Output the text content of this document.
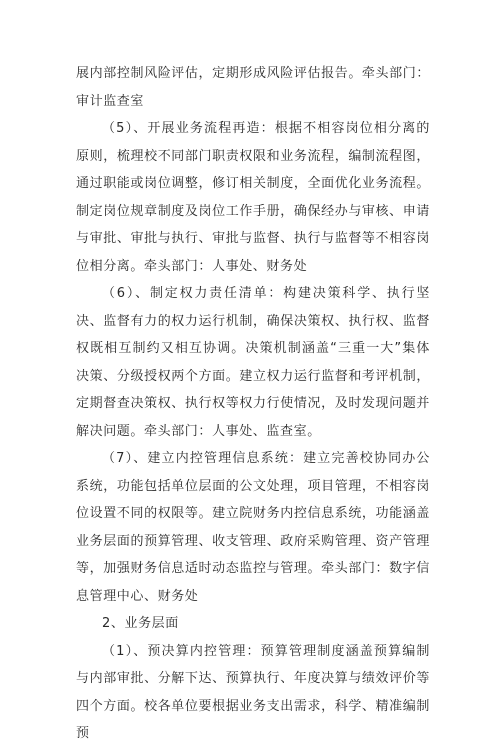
展内部控制风险评估，定期形成风险评估报告。牵头部门：审计监查室

（5）、开展业务流程再造：根据不相容岗位相分离的原则，梳理校不同部门职责权限和业务流程，编制流程图，通过职能或岗位调整，修订相关制度，全面优化业务流程。制定岗位规章制度及岗位工作手册，确保经办与审核、申请与审批、审批与执行、审批与监督、执行与监督等不相容岗位相分离。牵头部门：人事处、财务处

（6）、制定权力责任清单：构建决策科学、执行坚决、监督有力的权力运行机制，确保决策权、执行权、监督权既相互制约又相互协调。决策机制涵盖“三重一大”集体决策、分级授权两个方面。建立权力运行监督和考评机制，定期督查决策权、执行权等权力行使情况，及时发现问题并解决问题。牵头部门：人事处、监查室。

（7）、建立内控管理信息系统：建立完善校协同办公系统，功能包括单位层面的公文处理，项目管理，不相容岗位设置不同的权限等。建立院财务内控信息系统，功能涵盖业务层面的预算管理、收支管理、政府采购管理、资产管理等，加强财务信息适时动态监控与管理。牵头部门：数字信息管理中心、财务处

2、业务层面

（1）、预决算内控管理：预算管理制度涵盖预算编制与内部审批、分解下达、预算执行、年度决算与绩效评价等四个方面。校各单位要根据业务支出需求，科学、精准编制预
